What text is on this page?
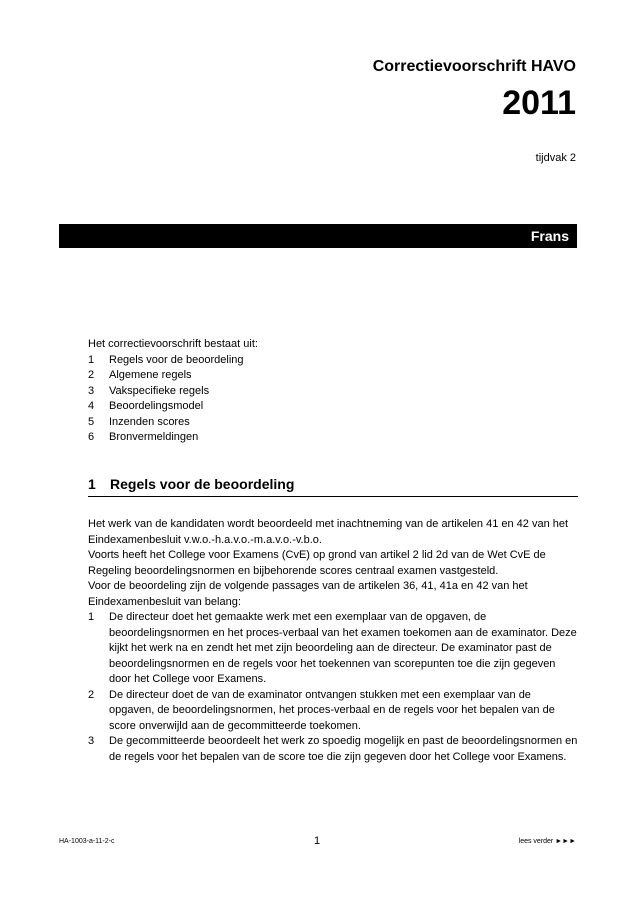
Correctievoorschrift HAVO
2011
tijdvak 2
Frans
Het correctievoorschrift bestaat uit:
1	Regels voor de beoordeling
2	Algemene regels
3	Vakspecifieke regels
4	Beoordelingsmodel
5	Inzenden scores
6	Bronvermeldingen
1	Regels voor de beoordeling

Het werk van de kandidaten wordt beoordeeld met inachtneming van de artikelen 41 en 42 van het Eindexamenbesluit v.w.o.-h.a.v.o.-m.a.v.o.-v.b.o.

Voorts heeft het College voor Examens (CvE) op grond van artikel 2 lid 2d van de Wet CvE de Regeling beoordelingsnormen en bijbehorende scores centraal examen vastgesteld.

Voor de beoordeling zijn de volgende passages van de artikelen 36, 41, 41a en 42 van het Eindexamenbesluit van belang:

1	De directeur doet het gemaakte werk met een exemplaar van de opgaven, de beoordelingsnormen en het proces-verbaal van het examen toekomen aan de examinator. Deze kijkt het werk na en zendt het met zijn beoordeling aan de directeur. De examinator past de beoordelingsnormen en de regels voor het toekennen van scorepunten toe die zijn gegeven door het College voor Examens.
2	De directeur doet de van de examinator ontvangen stukken met een exemplaar van de opgaven, de beoordelingsnormen, het proces-verbaal en de regels voor het bepalen van de score onverwijld aan de gecommitteerde toekomen.
3	De gecommitteerde beoordeelt het werk zo spoedig mogelijk en past de beoordelingsnormen en de regels voor het bepalen van de score toe die zijn gegeven door het College voor Examens.
HA-1003-a-11-2-c	1	lees verder ►►►
